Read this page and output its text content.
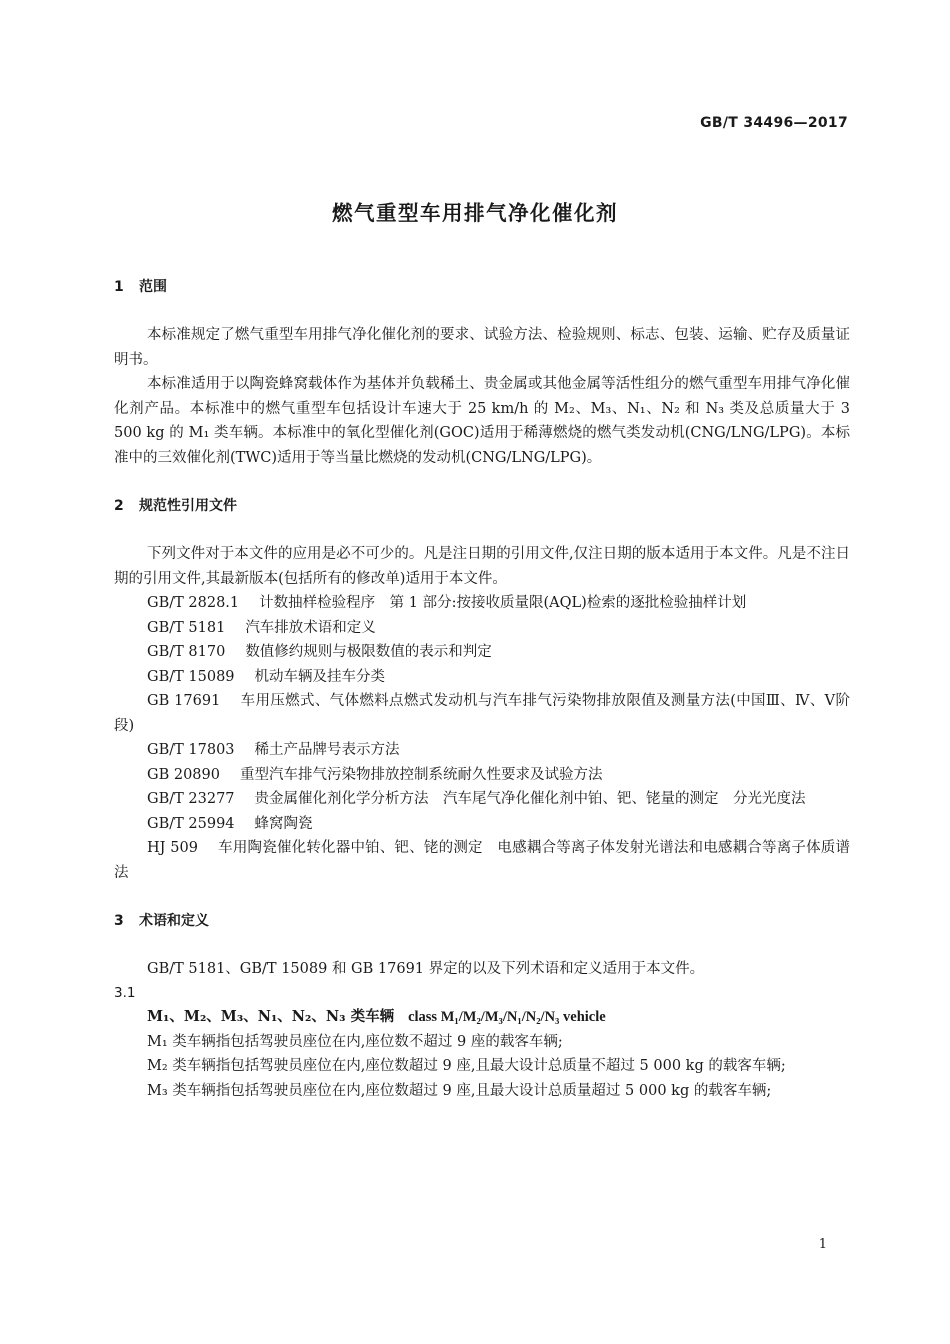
GB/T 34496—2017
燃气重型车用排气净化催化剂
1 范围

本标准规定了燃气重型车用排气净化催化剂的要求、试验方法、检验规则、标志、包装、运输、贮存及质量证明书。

本标准适用于以陶瓷蜂窝载体作为基体并负载稀土、贵金属或其他金属等活性组分的燃气重型车用排气净化催化剂产品。本标准中的燃气重型车包括设计车速大于 25 km/h 的 M₂、M₃、N₁、N₂ 和 N₃ 类及总质量大于 3 500 kg 的 M₁ 类车辆。本标准中的氧化型催化剂(GOC)适用于稀薄燃烧的燃气类发动机(CNG/LNG/LPG)。本标准中的三效催化剂(TWC)适用于等当量比燃烧的发动机(CNG/LNG/LPG)。

2 规范性引用文件

下列文件对于本文件的应用是必不可少的。凡是注日期的引用文件,仅注日期的版本适用于本文件。凡是不注日期的引用文件,其最新版本(包括所有的修改单)适用于本文件。

GB/T 2828.1 计数抽样检验程序　第 1 部分:按接收质量限(AQL)检索的逐批检验抽样计划

GB/T 5181 汽车排放术语和定义

GB/T 8170 数值修约规则与极限数值的表示和判定

GB/T 15089 机动车辆及挂车分类

GB 17691 车用压燃式、气体燃料点燃式发动机与汽车排气污染物排放限值及测量方法(中国Ⅲ、Ⅳ、Ⅴ阶段)

GB/T 17803 稀土产品牌号表示方法

GB 20890 重型汽车排气污染物排放控制系统耐久性要求及试验方法

GB/T 23277 贵金属催化剂化学分析方法　汽车尾气净化催化剂中铂、钯、铑量的测定　分光光度法

GB/T 25994 蜂窝陶瓷

HJ 509 车用陶瓷催化转化器中铂、钯、铑的测定　电感耦合等离子体发射光谱法和电感耦合等离子体质谱法

3 术语和定义

GB/T 5181、GB/T 15089 和 GB 17691 界定的以及下列术语和定义适用于本文件。

3.1

M₁、M₂、M₃、N₁、N₂、N₃ 类车辆 class M₁/M₂/M₃/N₁/N₂/N₃ vehicle

M₁ 类车辆指包括驾驶员座位在内,座位数不超过 9 座的载客车辆;

M₂ 类车辆指包括驾驶员座位在内,座位数超过 9 座,且最大设计总质量不超过 5 000 kg 的载客车辆;

M₃ 类车辆指包括驾驶员座位在内,座位数超过 9 座,且最大设计总质量超过 5 000 kg 的载客车辆;

1
